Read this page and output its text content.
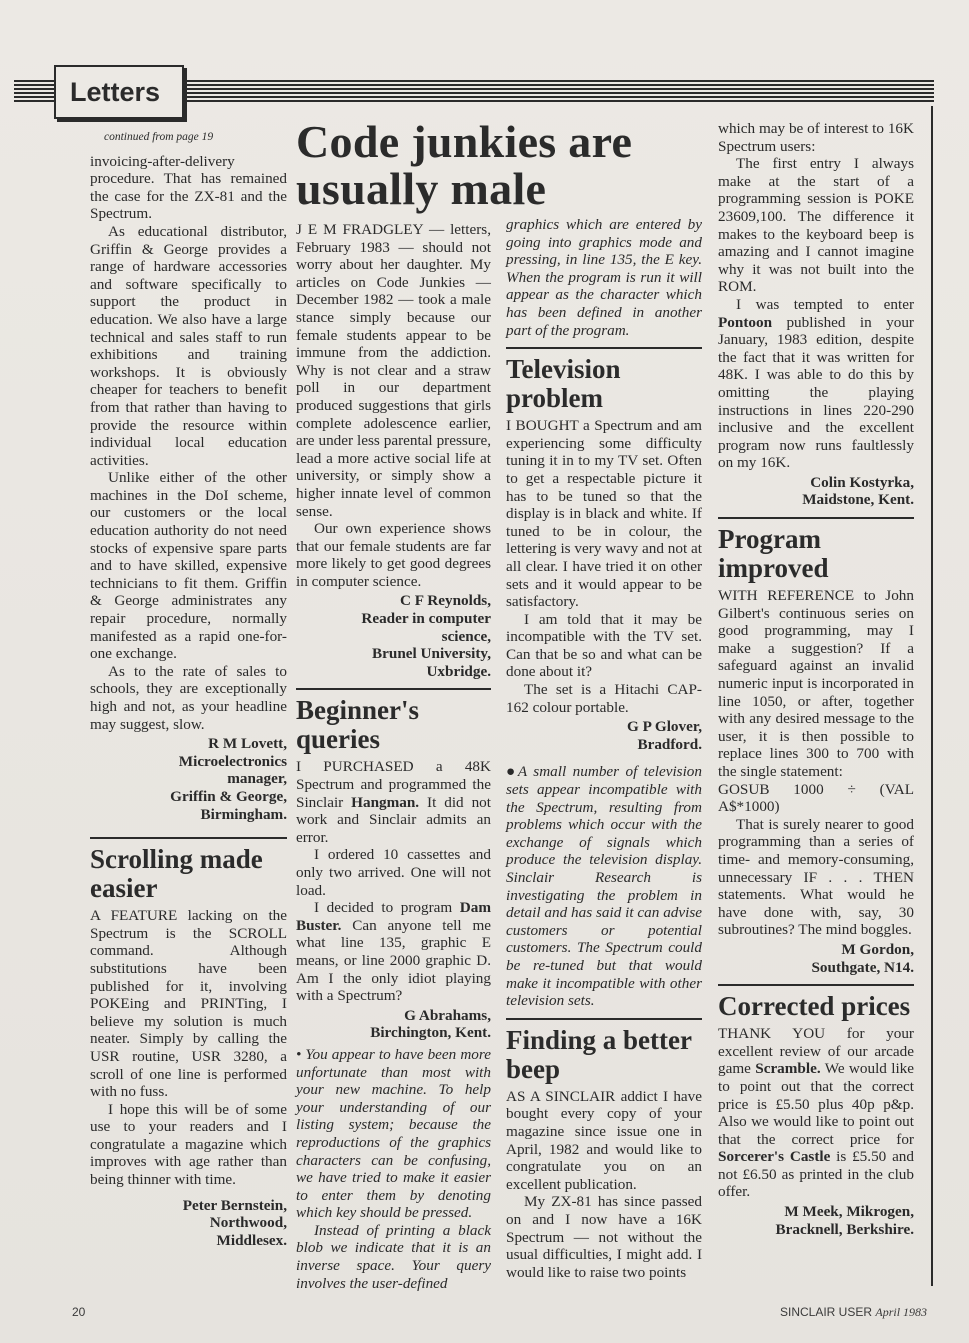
Letters
continued from page 19

invoicing-after-delivery procedure. That has remained the case for the ZX-81 and the Spectrum.

As educational distributor, Griffin & George provides a range of hardware accessories and software specifically to support the product in education. We also have a large technical and sales staff to run exhibitions and training workshops. It is obviously cheaper for teachers to benefit from that rather than having to provide the resource within individual local education activities.

Unlike either of the other machines in the DoI scheme, our customers or the local education authority do not need stocks of expensive spare parts and to have skilled, expensive technicians to fit them. Griffin & George administrates any repair procedure, normally manifested as a rapid one-for-one exchange.

As to the rate of sales to schools, they are exceptionally high and not, as your headline may suggest, slow.

R M Lovett,
Microelectronics
manager,
Griffin & George,
Birmingham.
Scrolling made easier

A FEATURE lacking on the Spectrum is the SCROLL command. Although substitutions have been published for it, involving POKEing and PRINTing, I believe my solution is much neater. Simply by calling the USR routine, USR 3280, a scroll of one line is performed with no fuss.

I hope this will be of some use to your readers and I congratulate a magazine which improves with age rather than being thinner with time.

Peter Bernstein,
Northwood,
Middlesex.
Code junkies are usually male

J E M FRADGLEY — letters, February 1983 — should not worry about her daughter. My articles on Code Junkies — December 1982 — took a male stance simply because our female students appear to be immune from the addiction. Why is not clear and a straw poll in our department produced suggestions that girls complete adolescence earlier, are under less parental pressure, lead a more active social life at university, or simply show a higher innate level of common sense.

Our own experience shows that our female students are far more likely to get good degrees in computer science.

C F Reynolds,
Reader in computer
science,
Brunel University,
Uxbridge.
Beginner's queries

I PURCHASED a 48K Spectrum and programmed the Sinclair Hangman. It did not work and Sinclair admits an error.

I ordered 10 cassettes and only two arrived. One will not load.

I decided to program Dam Buster. Can anyone tell me what line 135, graphic E means, or line 2000 graphic D. Am I the only idiot playing with a Spectrum?

G Abrahams,
Birchington, Kent.

• You appear to have been more unfortunate than most with your new machine. To help your understanding of our listing system; because the reproductions of the graphics characters can be confusing, we have tried to make it easier to enter them by denoting which key should be pressed.

Instead of printing a black blob we indicate that it is an inverse space. Your query involves the user-defined

graphics which are entered by going into graphics mode and pressing, in line 135, the E key. When the program is run it will appear as the character which has been defined in another part of the program.

Television problem

I BOUGHT a Spectrum and am experiencing some difficulty tuning it in to my TV set. Often to get a respectable picture it has to be tuned so that the display is in black and white. If tuned to be in colour, the lettering is very wavy and not at all clear. I have tried it on other sets and it would appear to be satisfactory.

I am told that it may be incompatible with the TV set. Can that be so and what can be done about it?

The set is a Hitachi CAP-162 colour portable.

G P Glover,
Bradford.

●A small number of television sets appear incompatible with the Spectrum, resulting from problems which occur with the exchange of signals which produce the television display. Sinclair Research is investigating the problem in detail and has said it can advise customers or potential customers. The Spectrum could be re-tuned but that would make it incompatible with other television sets.

Finding a better beep

AS A SINCLAIR addict I have bought every copy of your magazine since issue one in April, 1982 and would like to congratulate you on an excellent publication.

My ZX-81 has since passed on and I now have a 16K Spectrum — not without the usual difficulties, I might add. I would like to raise two points

which may be of interest to 16K Spectrum users:

The first entry I always make at the start of a programming session is POKE 23609,100. The difference it makes to the keyboard beep is amazing and I cannot imagine why it was not built into the ROM.

I was tempted to enter Pontoon published in your January, 1983 edition, despite the fact that it was written for 48K. I was able to do this by omitting the playing instructions in lines 220-290 inclusive and the excellent program now runs faultlessly on my 16K.

Colin Kostyrka,
Maidstone, Kent.
Program improved

WITH REFERENCE to John Gilbert's continuous series on good programming, may I make a suggestion? If a safeguard against an invalid numeric input is incorporated in line 1050, or after, together with any desired message to the user, it is then possible to replace lines 300 to 700 with the single statement:

GOSUB 1000 ÷ (VAL A$*1000)

That is surely nearer to good programming than a series of time- and memory-consuming, unnecessary IF . . . THEN statements. What would he have done with, say, 30 subroutines? The mind boggles.

M Gordon,
Southgate, N14.
Corrected prices

THANK YOU for your excellent review of our arcade game Scramble. We would like to point out that the correct price is £5.50 plus 40p p&p. Also we would like to point out that the correct price for Sorcerer's Castle is £5.50 and not £6.50 as printed in the club offer.

M Meek, Mikrogen,
Bracknell, Berkshire.
20	SINCLAIR USER April 1983
